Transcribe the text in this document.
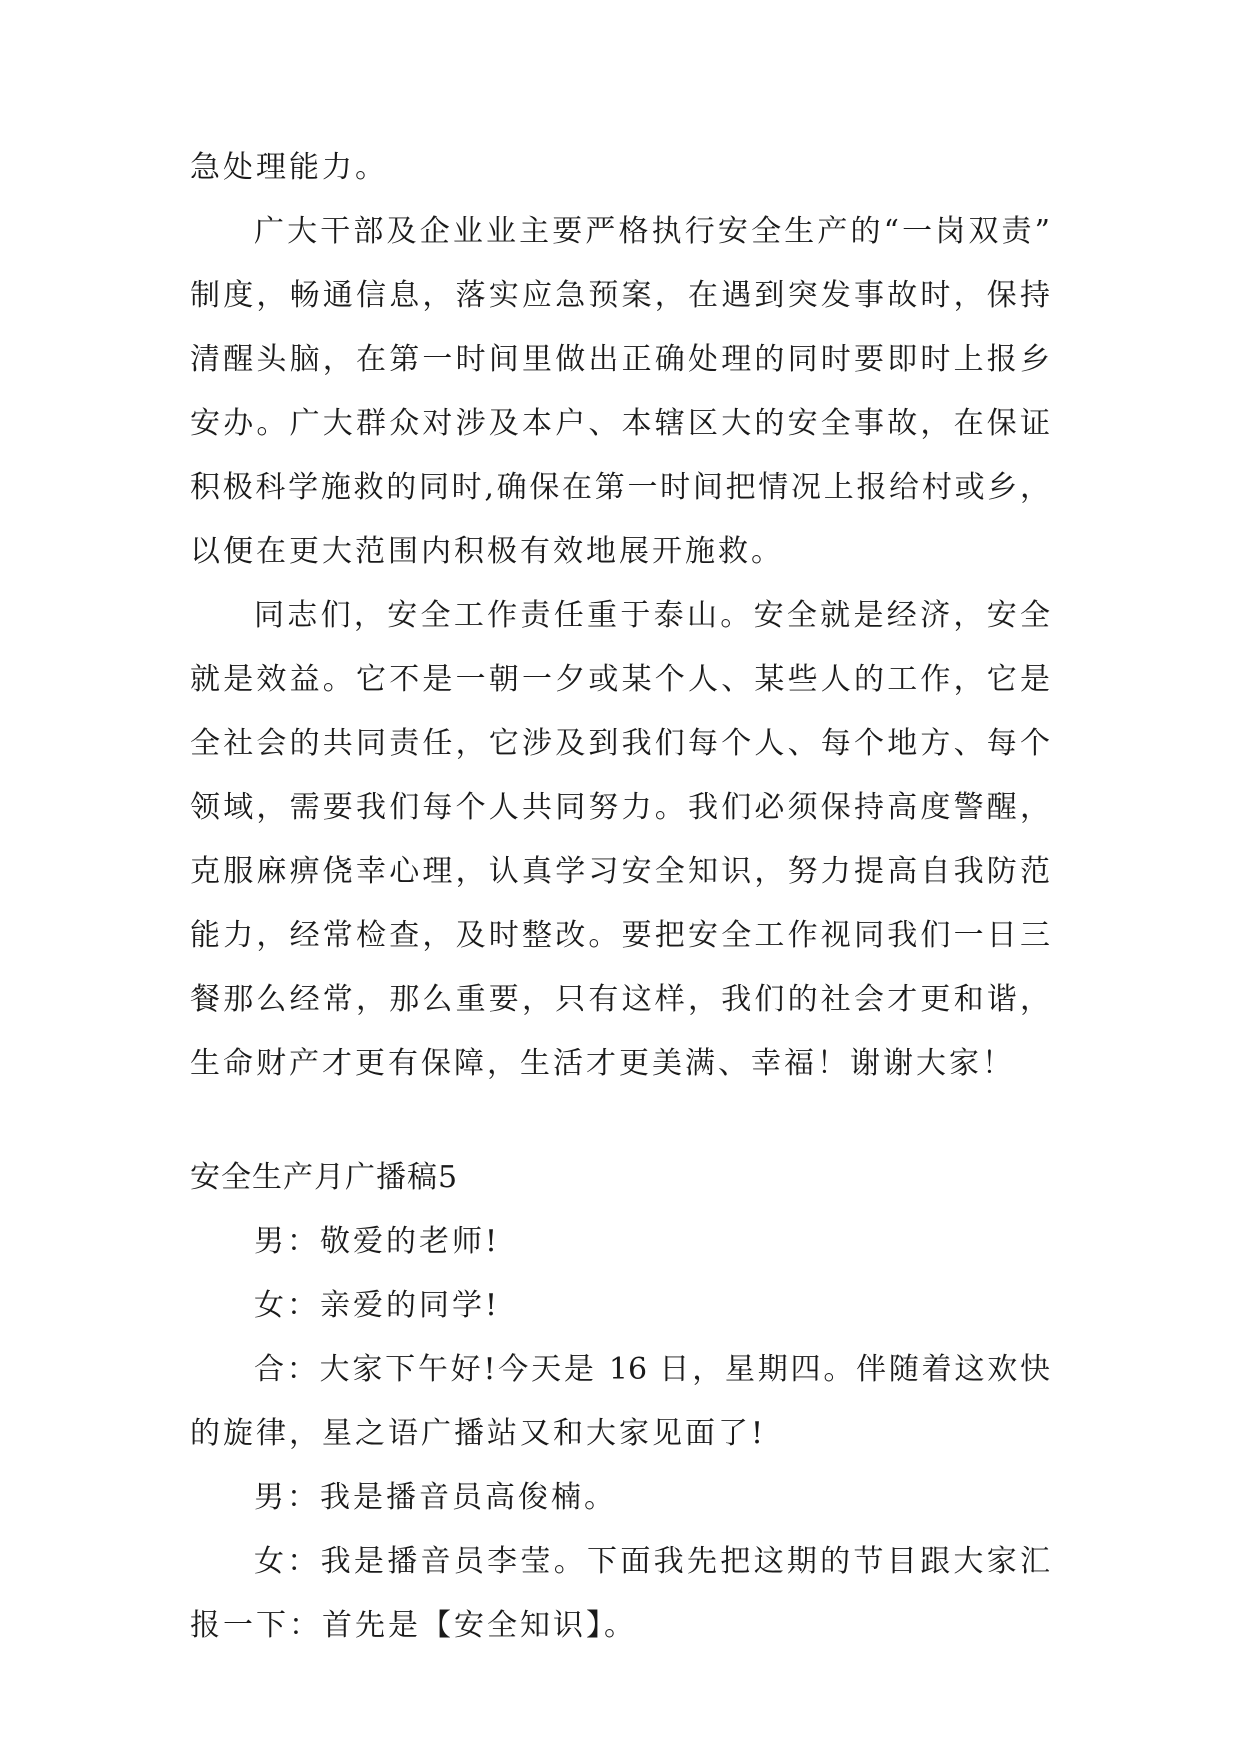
急处理能力。
广大干部及企业业主要严格执行安全生产的“一岗双责”
制度，畅通信息，落实应急预案，在遇到突发事故时，保持
清醒头脑，在第一时间里做出正确处理的同时要即时上报乡
安办。广大群众对涉及本户、本辖区大的安全事故，在保证
积极科学施救的同时,确保在第一时间把情况上报给村或乡，
以便在更大范围内积极有效地展开施救。
同志们，安全工作责任重于泰山。安全就是经济，安全
就是效益。它不是一朝一夕或某个人、某些人的工作，它是
全社会的共同责任，它涉及到我们每个人、每个地方、每个
领域，需要我们每个人共同努力。我们必须保持高度警醒，
克服麻痹侥幸心理，认真学习安全知识，努力提高自我防范
能力，经常检查，及时整改。要把安全工作视同我们一日三
餐那么经常，那么重要，只有这样，我们的社会才更和谐，
生命财产才更有保障，生活才更美满、幸福！谢谢大家！
安全生产月广播稿5
男：敬爱的老师!
女：亲爱的同学!
合：大家下午好!今天是 16 日，星期四。伴随着这欢快
的旋律，星之语广播站又和大家见面了!
男：我是播音员高俊楠。
女：我是播音员李莹。下面我先把这期的节目跟大家汇
报一下：首先是【安全知识】。
